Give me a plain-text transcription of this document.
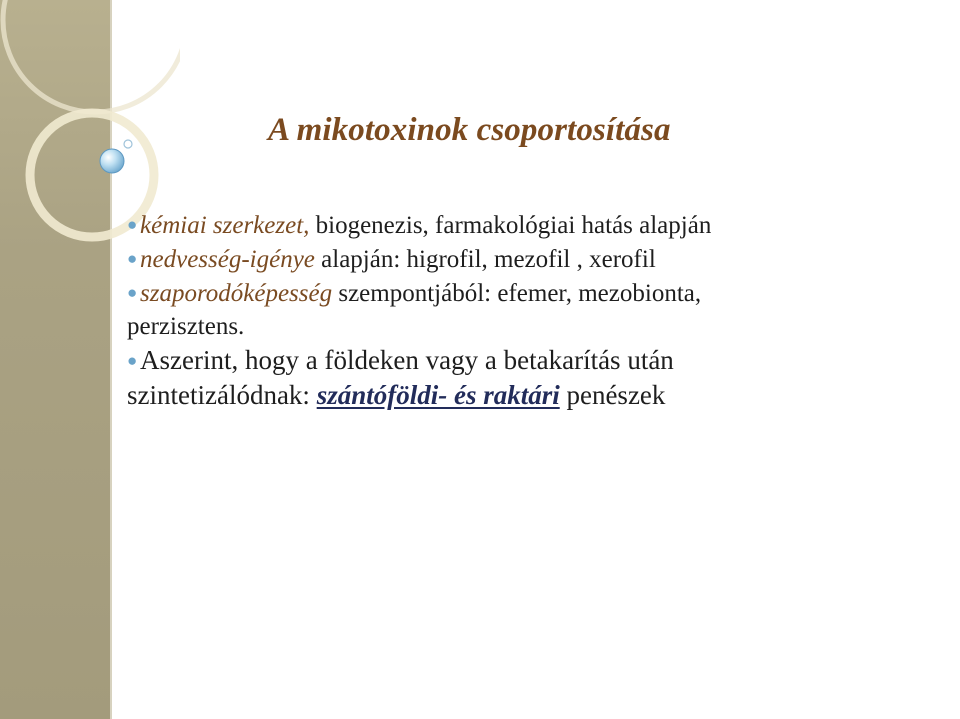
A mikotoxinok csoportosítása

● kémiai szerkezet, biogenezis, farmakológiai hatás alapján

● nedvesség-igénye alapján: higrofil, mezofil , xerofil

● szaporodóképesség szempontjából: efemer, mezobionta,

perzisztens.

● Aszerint, hogy a földeken vagy a betakarítás után

szintetizálódnak: szántóföldi- és raktári penészek
